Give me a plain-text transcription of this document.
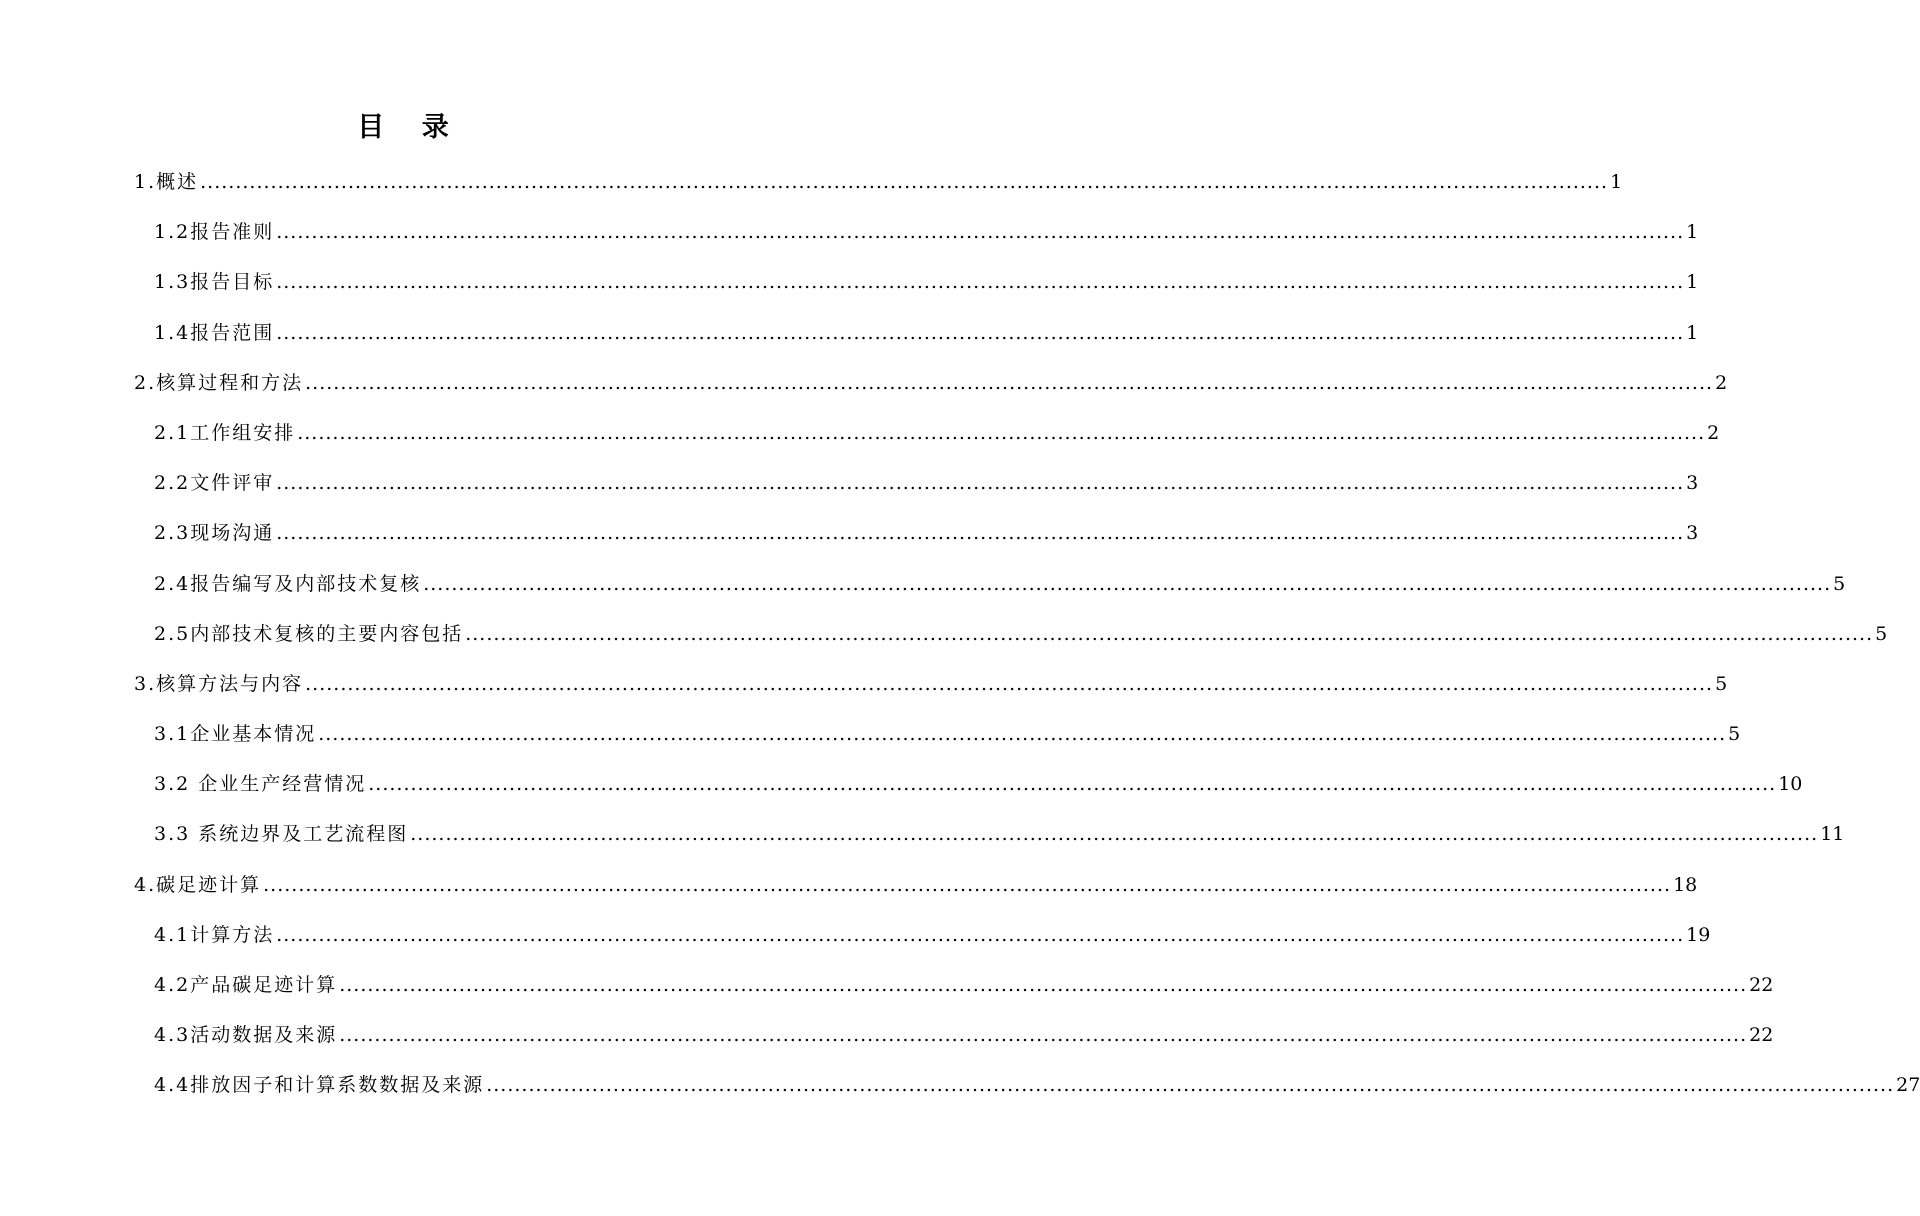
目 录
1.概述 ........................................................................................................................................................................................................ 1
1.2报告准则 ........................................................................................................................................................................................................ 1
1.3报告目标 ........................................................................................................................................................................................................ 1
1.4报告范围 ........................................................................................................................................................................................................ 1
2.核算过程和方法 ........................................................................................................................................................................................................ 2
2.1工作组安排 ........................................................................................................................................................................................................ 2
2.2文件评审 ........................................................................................................................................................................................................ 3
2.3现场沟通 ........................................................................................................................................................................................................ 3
2.4报告编写及内部技术复核 ........................................................................................................................................................................................................ 5
2.5内部技术复核的主要内容包括 ........................................................................................................................................................................................................ 5
3.核算方法与内容 ........................................................................................................................................................................................................ 5
3.1企业基本情况 ........................................................................................................................................................................................................ 5
3.2 企业生产经营情况 ........................................................................................................................................................................................................ 10
3.3 系统边界及工艺流程图 ........................................................................................................................................................................................................ 11
4.碳足迹计算 ........................................................................................................................................................................................................ 18
4.1计算方法 ........................................................................................................................................................................................................ 19
4.2产品碳足迹计算 ........................................................................................................................................................................................................ 22
4.3活动数据及来源 ........................................................................................................................................................................................................ 22
4.4排放因子和计算系数数据及来源 ........................................................................................................................................................................................................ 27
